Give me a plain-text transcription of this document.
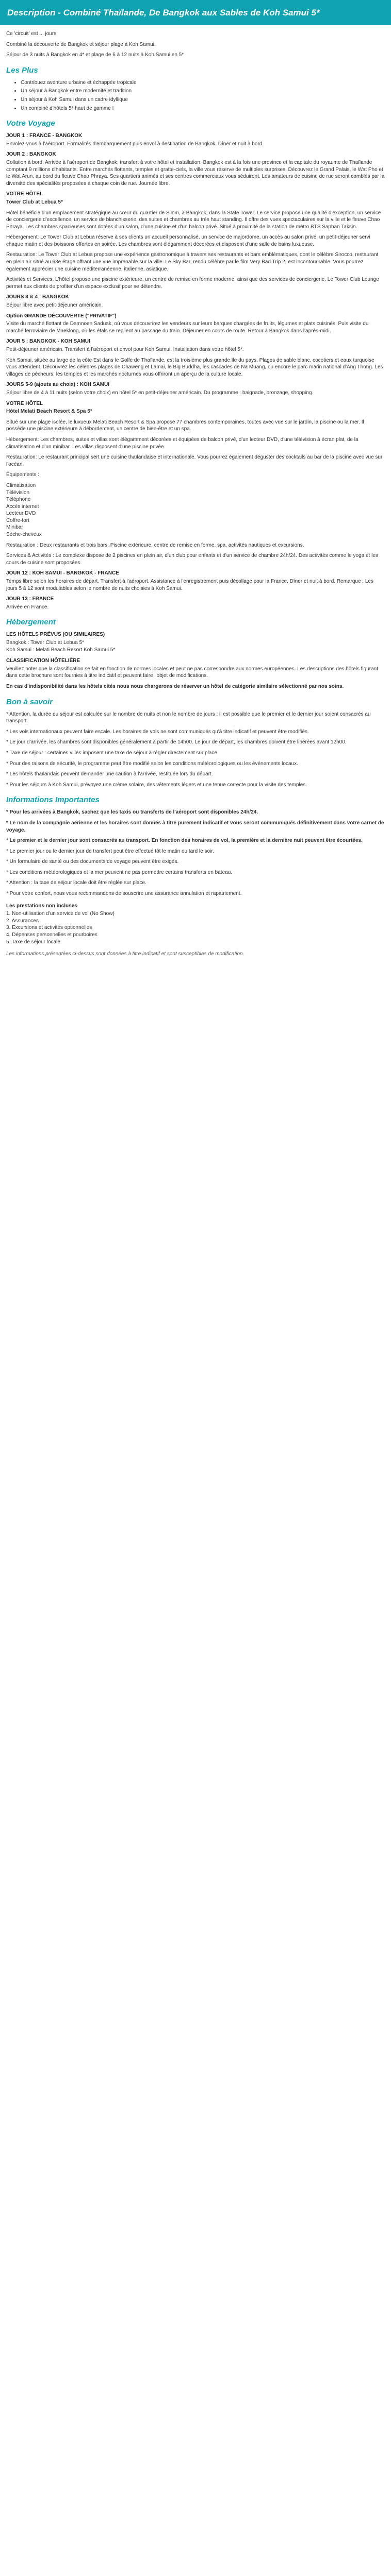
Description - Combiné Thaïlande, De Bangkok aux Sables de Koh Samui 5*

Ce 'circuit' est ... jours

Combiné la découverte de Bangkok et séjour plage à Koh Samui.

Séjour de 3 nuits à Bangkok en 4* et plage de 6 à 12 nuits à Koh Samui en 5*

Les Plus
• Contribuez aventure urbaine et échappée tropicale
• Un séjour à Bangkok entre modernité et tradition
• Un séjour à Koh Samui dans un cadre idyllique
• Un combiné d'hôtels 5* haut de gamme !
Votre Voyage
JOUR 1 : FRANCE - BANGKOK

Envolez-vous à l'aéroport. Formalités d'embarquement puis envol à destination de Bangkok. Dîner et nuit à bord.

JOUR 2 : BANGKOK

Collation à bord. Arrivée à l'aéroport de Bangkok, transfert à votre hôtel et installation. Bangkok est à la fois une province et la capitale du royaume de Thaïlande comptant 9 millions d'habitants. Entre marchés flottants, temples et gratte-ciels, la ville vous réserve de multiples surprises. Découvrez le Grand Palais, le Wat Pho et le Wat Arun, au bord du fleuve Chao Phraya. Ses quartiers animés et ses centres commerciaux vous séduiront. Les amateurs de cuisine de rue seront comblés par la diversité des spécialités proposées à chaque coin de rue. Journée libre.

VOTRE HÔTEL

Tower Club at Lebua 5*

Hôtel bénéficie d'un emplacement stratégique au cœur du quartier de Silom, à Bangkok, dans la State Tower. Le service propose une qualité d'exception, un service de conciergerie d'excellence, un service de blanchisserie, des suites et chambres au très haut standing. Il offre des vues spectaculaires sur la ville et le fleuve Chao Phraya. Les chambres spacieuses sont dotées d'un salon, d'une cuisine et d'un balcon privé. Situé à proximité de la station de métro BTS Saphan Taksin.

Hébergement: Le Tower Club at Lebua réserve à ses clients un accueil personnalisé, un service de majordome, un accès au salon privé, un petit-déjeuner servi chaque matin et des boissons offertes en soirée. Les chambres sont élégamment décorées et disposent d'une salle de bains luxueuse.

Restauration: Le Tower Club at Lebua propose une expérience gastronomique à travers ses restaurants et bars emblématiques, dont le célèbre Sirocco, restaurant en plein air situé au 63e étage offrant une vue imprenable sur la ville. Le Sky Bar, rendu célèbre par le film Very Bad Trip 2, est incontournable. Vous pourrez également apprécier une cuisine méditerranéenne, italienne, asiatique.

Activités et Services: L'hôtel propose une piscine extérieure, un centre de remise en forme moderne, ainsi que des services de conciergerie. Le Tower Club Lounge permet aux clients de profiter d'un espace exclusif pour se détendre.

JOURS 3 & 4 : BANGKOK

Séjour libre avec petit-déjeuner américain.

Option GRANDE DÉCOUVERTE ("PRIVATIF")

Visite du marché flottant de Damnoen Saduak, où vous découvrirez les vendeurs sur leurs barques chargées de fruits, légumes et plats cuisinés. Puis visite du marché ferroviaire de Maeklong, où les étals se replient au passage du train. Déjeuner en cours de route. Retour à Bangkok dans l'après-midi.

JOUR 5 : BANGKOK - KOH SAMUI

Petit-déjeuner américain. Transfert à l'aéroport et envol pour Koh Samui. Installation dans votre hôtel 5*.

Koh Samui, située au large de la côte Est dans le Golfe de Thaïlande, est la troisième plus grande île du pays. Plages de sable blanc, cocotiers et eaux turquoise vous attendent. Découvrez les célèbres plages de Chaweng et Lamai, le Big Buddha, les cascades de Na Muang, ou encore le parc marin national d'Ang Thong. Les villages de pêcheurs, les temples et les marchés nocturnes vous offriront un aperçu de la culture locale.

JOURS 5-9 (ajouts au choix) : KOH SAMUI

Séjour libre de 4 à 11 nuits (selon votre choix) en hôtel 5* en petit-déjeuner américain. Du programme : baignade, bronzage, shopping.

VOTRE HÔTEL

Hôtel Melati Beach Resort & Spa 5*

Situé sur une plage isolée, le luxueux Melati Beach Resort & Spa propose 77 chambres contemporaines, toutes avec vue sur le jardin, la piscine ou la mer. Il possède une piscine extérieure à débordement, un centre de bien-être et un spa.

Hébergement: Les chambres, suites et villas sont élégamment décorées et équipées de balcon privé, d'un lecteur DVD, d'une télévision à écran plat, de la climatisation et d'un minibar. Les villas disposent d'une piscine privée.

Restauration: Le restaurant principal sert une cuisine thaïlandaise et internationale. Vous pourrez également déguster des cocktails au bar de la piscine avec vue sur l'océan.

Équipements :

Climatisation
Télévision
Téléphone
Accès internet
Lecteur DVD
Coffre-fort
Minibar
Sèche-cheveux

Restauration : Deux restaurants et trois bars. Piscine extérieure, centre de remise en forme, spa, activités nautiques et excursions.

Services & Activités : Le complexe dispose de 2 piscines en plein air, d'un club pour enfants et d'un service de chambre 24h/24. Des activités comme le yoga et les cours de cuisine sont proposées.

JOUR 12 : KOH SAMUI - BANGKOK - FRANCE

Temps libre selon les horaires de départ. Transfert à l'aéroport. Assistance à l'enregistrement puis décollage pour la France. Dîner et nuit à bord. Remarque : Les jours 5 à 12 sont modulables selon le nombre de nuits choisies à Koh Samui.

JOUR 13 : FRANCE

Arrivée en France.

Hébergement
LES HÔTELS PRÉVUS (OU SIMILAIRES)
Bangkok : Tower Club at Lebua 5*
Koh Samui : Melati Beach Resort Koh Samui 5*
CLASSIFICATION HÔTELIÈRE

Veuillez noter que la classification se fait en fonction de normes locales et peut ne pas correspondre aux normes européennes. Les descriptions des hôtels figurant dans cette brochure sont fournies à titre indicatif et peuvent faire l'objet de modifications.

En cas d'indisponibilité dans les hôtels cités nous nous chargerons de réserver un hôtel de catégorie similaire sélectionné par nos soins.

Bon à savoir

* Attention, la durée du séjour est calculée sur le nombre de nuits et non le nombre de jours : il est possible que le premier et le dernier jour soient consacrés au transport.

* Les vols internationaux peuvent faire escale. Les horaires de vols ne sont communiqués qu'à titre indicatif et peuvent être modifiés.

* Le jour d'arrivée, les chambres sont disponibles généralement à partir de 14h00. Le jour de départ, les chambres doivent être libérées avant 12h00.

* Taxe de séjour : certaines villes imposent une taxe de séjour à régler directement sur place.

* Pour des raisons de sécurité, le programme peut être modifié selon les conditions météorologiques ou les événements locaux.

* Les hôtels thaïlandais peuvent demander une caution à l'arrivée, restituée lors du départ.

* Pour les séjours à Koh Samui, prévoyez une crème solaire, des vêtements légers et une tenue correcte pour la visite des temples.

Informations Importantes

* Pour les arrivées à Bangkok, sachez que les taxis ou transferts de l'aéroport sont disponibles 24h/24.

* Le nom de la compagnie aérienne et les horaires sont donnés à titre purement indicatif et vous seront communiqués définitivement dans votre carnet de voyage.

* Le premier et le dernier jour sont consacrés au transport. En fonction des horaires de vol, la première et la dernière nuit peuvent être écourtées.

* Le premier jour ou le dernier jour de transfert peut être effectué tôt le matin ou tard le soir.

* Un formulaire de santé ou des documents de voyage peuvent être exigés.

* Les conditions météorologiques et la mer peuvent ne pas permettre certains transferts en bateau.

* Attention : la taxe de séjour locale doit être réglée sur place.

* Pour votre confort, nous vous recommandons de souscrire une assurance annulation et rapatriement.

Les prestations non incluses
1. Non-utilisation d'un service de vol (No Show)
2. Assurances
3. Excursions et activités optionnelles
4. Dépenses personnelles et pourboires
5. Taxe de séjour locale

Les informations présentées ci-dessus sont données à titre indicatif et sont susceptibles de modification.
